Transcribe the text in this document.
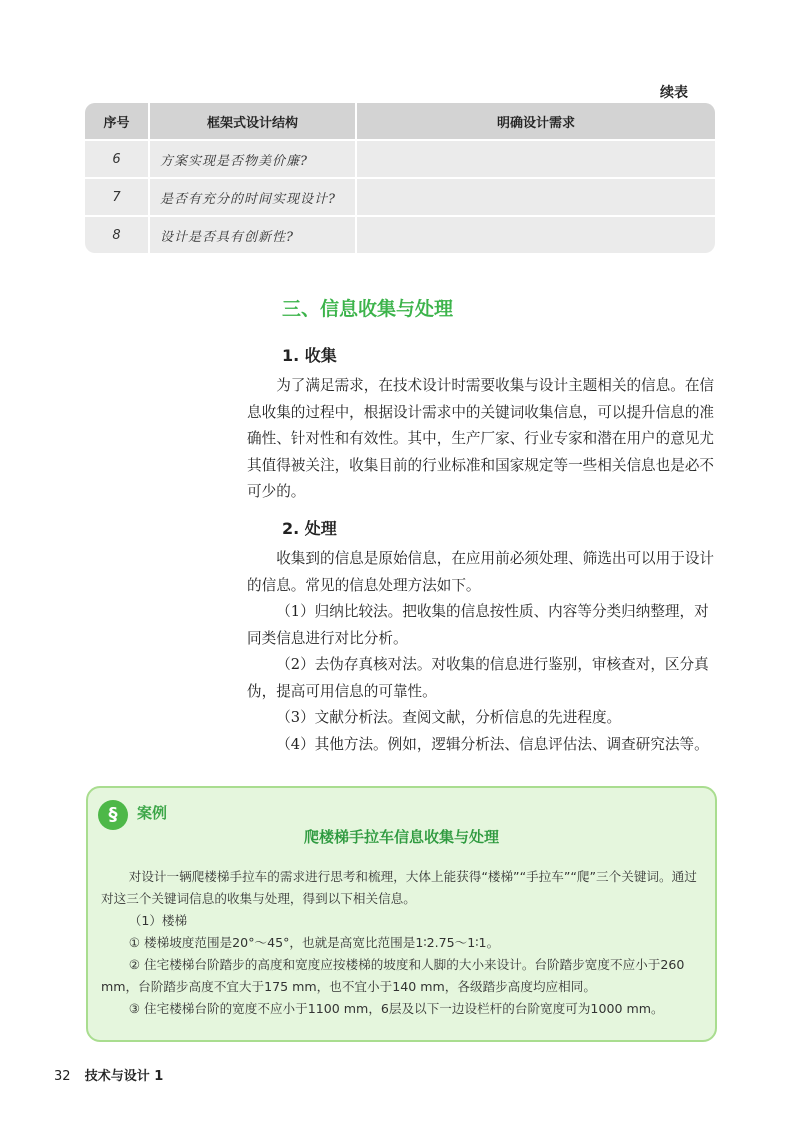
续表
序号	框架式设计结构	明确设计需求
6	方案实现是否物美价廉?	
7	是否有充分的时间实现设计?	
8	设计是否具有创新性?	
三、信息收集与处理
1. 收集

为了满足需求，在技术设计时需要收集与设计主题相关的信息。在信息收集的过程中，根据设计需求中的关键词收集信息，可以提升信息的准确性、针对性和有效性。其中，生产厂家、行业专家和潜在用户的意见尤其值得被关注，收集目前的行业标准和国家规定等一些相关信息也是必不可少的。

2. 处理

收集到的信息是原始信息，在应用前必须处理、筛选出可以用于设计的信息。常见的信息处理方法如下。

（1）归纳比较法。把收集的信息按性质、内容等分类归纳整理，对同类信息进行对比分析。

（2）去伪存真核对法。对收集的信息进行鉴别，审核查对，区分真伪，提高可用信息的可靠性。

（3）文献分析法。查阅文献，分析信息的先进程度。

（4）其他方法。例如，逻辑分析法、信息评估法、调查研究法等。

§	案例
爬楼梯手拉车信息收集与处理

对设计一辆爬楼梯手拉车的需求进行思考和梳理，大体上能获得“楼梯”“手拉车”“爬”三个关键词。通过对这三个关键词信息的收集与处理，得到以下相关信息。

（1）楼梯

① 楼梯坡度范围是20°～45°，也就是高宽比范围是1∶2.75～1∶1。

② 住宅楼梯台阶踏步的高度和宽度应按楼梯的坡度和人脚的大小来设计。台阶踏步宽度不应小于260 mm，台阶踏步高度不宜大于175 mm，也不宜小于140 mm，各级踏步高度均应相同。

③ 住宅楼梯台阶的宽度不应小于1100 mm，6层及以下一边设栏杆的台阶宽度可为1000 mm。

32 技术与设计 1
